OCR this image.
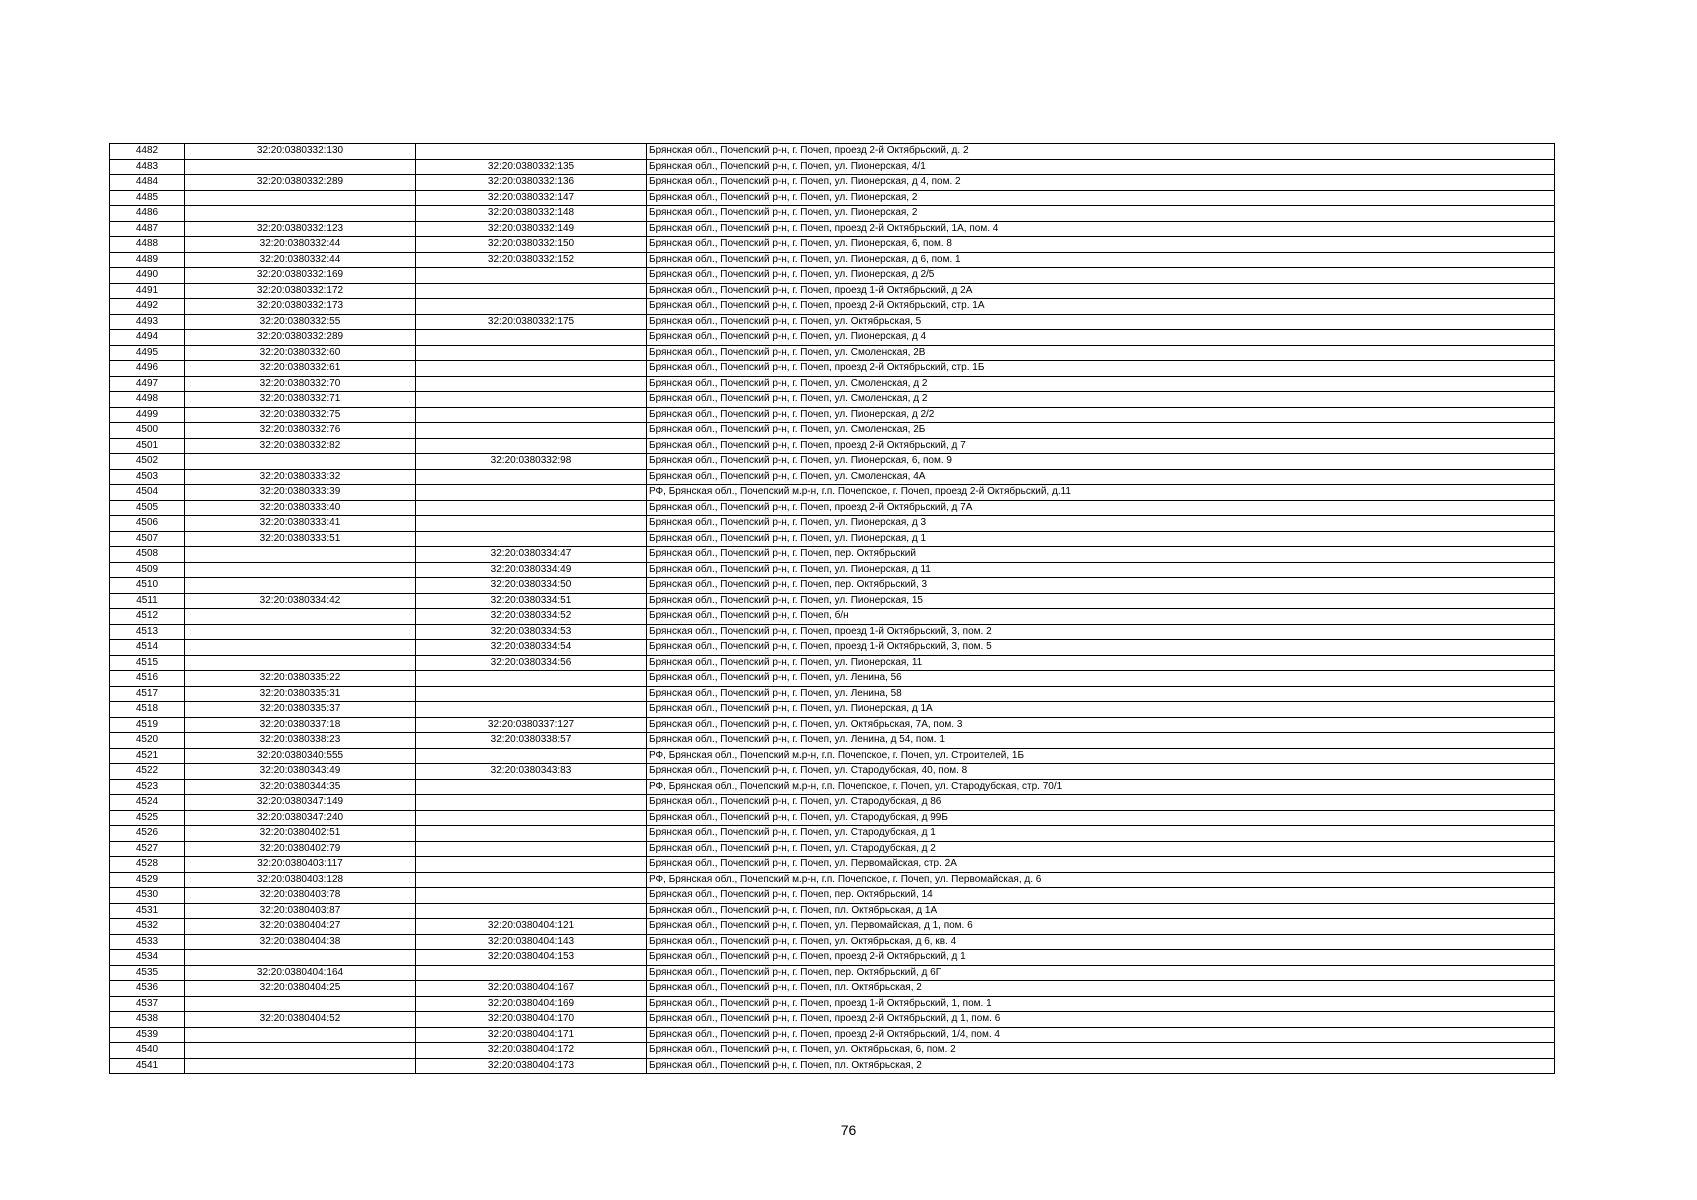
4482	32:20:0380332:130		Брянская обл., Почепский р-н, г. Почеп, проезд 2-й Октябрьский, д. 2
4483		32:20:0380332:135	Брянская обл., Почепский р-н, г. Почеп, ул. Пионерская, 4/1
4484	32:20:0380332:289	32:20:0380332:136	Брянская обл., Почепский р-н, г. Почеп, ул. Пионерская, д 4, пом. 2
4485		32:20:0380332:147	Брянская обл., Почепский р-н, г. Почеп, ул. Пионерская, 2
4486		32:20:0380332:148	Брянская обл., Почепский р-н, г. Почеп, ул. Пионерская, 2
4487	32:20:0380332:123	32:20:0380332:149	Брянская обл., Почепский р-н, г. Почеп, проезд 2-й Октябрьский, 1А, пом. 4
4488	32:20:0380332:44	32:20:0380332:150	Брянская обл., Почепский р-н, г. Почеп, ул. Пионерская, 6, пом. 8
4489	32:20:0380332:44	32:20:0380332:152	Брянская обл., Почепский р-н, г. Почеп, ул. Пионерская, д 6, пом. 1
4490	32:20:0380332:169		Брянская обл., Почепский р-н, г. Почеп, ул. Пионерская, д 2/5
4491	32:20:0380332:172		Брянская обл., Почепский р-н, г. Почеп, проезд 1-й Октябрьский, д 2А
4492	32:20:0380332:173		Брянская обл., Почепский р-н, г. Почеп, проезд 2-й Октябрьский, стр. 1А
4493	32:20:0380332:55	32:20:0380332:175	Брянская обл., Почепский р-н, г. Почеп, ул. Октябрьская, 5
4494	32:20:0380332:289		Брянская обл., Почепский р-н, г. Почеп, ул. Пионерская, д 4
4495	32:20:0380332:60		Брянская обл., Почепский р-н, г. Почеп, ул. Смоленская, 2В
4496	32:20:0380332:61		Брянская обл., Почепский р-н, г. Почеп, проезд 2-й Октябрьский, стр. 1Б
4497	32:20:0380332:70		Брянская обл., Почепский р-н, г. Почеп, ул. Смоленская, д 2
4498	32:20:0380332:71		Брянская обл., Почепский р-н, г. Почеп, ул. Смоленская, д 2
4499	32:20:0380332:75		Брянская обл., Почепский р-н, г. Почеп, ул. Пионерская, д 2/2
4500	32:20:0380332:76		Брянская обл., Почепский р-н, г. Почеп, ул. Смоленская, 2Б
4501	32:20:0380332:82		Брянская обл., Почепский р-н, г. Почеп, проезд 2-й Октябрьский, д 7
4502		32:20:0380332:98	Брянская обл., Почепский р-н, г. Почеп, ул. Пионерская, 6, пом. 9
4503	32:20:0380333:32		Брянская обл., Почепский р-н, г. Почеп, ул. Смоленская, 4А
4504	32:20:0380333:39		РФ, Брянская обл., Почепский м.р-н, г.п. Почепское, г. Почеп, проезд 2-й Октябрьский, д.11
4505	32:20:0380333:40		Брянская обл., Почепский р-н, г. Почеп, проезд 2-й Октябрьский, д 7А
4506	32:20:0380333:41		Брянская обл., Почепский р-н, г. Почеп, ул. Пионерская, д 3
4507	32:20:0380333:51		Брянская обл., Почепский р-н, г. Почеп, ул. Пионерская, д 1
4508		32:20:0380334:47	Брянская обл., Почепский р-н, г. Почеп, пер. Октябрьский
4509		32:20:0380334:49	Брянская обл., Почепский р-н, г. Почеп, ул. Пионерская, д 11
4510		32:20:0380334:50	Брянская обл., Почепский р-н, г. Почеп, пер. Октябрьский, 3
4511	32:20:0380334:42	32:20:0380334:51	Брянская обл., Почепский р-н, г. Почеп, ул. Пионерская, 15
4512		32:20:0380334:52	Брянская обл., Почепский р-н, г. Почеп, б/н
4513		32:20:0380334:53	Брянская обл., Почепский р-н, г. Почеп, проезд 1-й Октябрьский, 3, пом. 2
4514		32:20:0380334:54	Брянская обл., Почепский р-н, г. Почеп, проезд 1-й Октябрьский, 3, пом. 5
4515		32:20:0380334:56	Брянская обл., Почепский р-н, г. Почеп, ул. Пионерская, 11
4516	32:20:0380335:22		Брянская обл., Почепский р-н, г. Почеп, ул. Ленина, 56
4517	32:20:0380335:31		Брянская обл., Почепский р-н, г. Почеп, ул. Ленина, 58
4518	32:20:0380335:37		Брянская обл., Почепский р-н, г. Почеп, ул. Пионерская, д 1А
4519	32:20:0380337:18	32:20:0380337:127	Брянская обл., Почепский р-н, г. Почеп, ул. Октябрьская, 7А, пом. 3
4520	32:20:0380338:23	32:20:0380338:57	Брянская обл., Почепский р-н, г. Почеп, ул. Ленина, д 54, пом. 1
4521	32:20:0380340:555		РФ, Брянская обл., Почепский м.р-н, г.п. Почепское, г. Почеп, ул. Строителей, 1Б
4522	32:20:0380343:49	32:20:0380343:83	Брянская обл., Почепский р-н, г. Почеп, ул. Стародубская, 40, пом. 8
4523	32:20:0380344:35		РФ, Брянская обл., Почепский м.р-н, г.п. Почепское, г. Почеп, ул. Стародубская, стр. 70/1
4524	32:20:0380347:149		Брянская обл., Почепский р-н, г. Почеп, ул. Стародубская, д 86
4525	32:20:0380347:240		Брянская обл., Почепский р-н, г. Почеп, ул. Стародубская, д 99Б
4526	32:20:0380402:51		Брянская обл., Почепский р-н, г. Почеп, ул. Стародубская, д 1
4527	32:20:0380402:79		Брянская обл., Почепский р-н, г. Почеп, ул. Стародубская, д 2
4528	32:20:0380403:117		Брянская обл., Почепский р-н, г. Почеп, ул. Первомайская, стр. 2А
4529	32:20:0380403:128		РФ, Брянская обл., Почепский м.р-н, г.п. Почепское, г. Почеп, ул. Первомайская, д. 6
4530	32:20:0380403:78		Брянская обл., Почепский р-н, г. Почеп, пер. Октябрьский, 14
4531	32:20:0380403:87		Брянская обл., Почепский р-н, г. Почеп, пл. Октябрьская, д 1А
4532	32:20:0380404:27	32:20:0380404:121	Брянская обл., Почепский р-н, г. Почеп, ул. Первомайская, д 1, пом. 6
4533	32:20:0380404:38	32:20:0380404:143	Брянская обл., Почепский р-н, г. Почеп, ул. Октябрьская, д 6, кв. 4
4534		32:20:0380404:153	Брянская обл., Почепский р-н, г. Почеп, проезд 2-й Октябрьский, д 1
4535	32:20:0380404:164		Брянская обл., Почепский р-н, г. Почеп, пер. Октябрьский, д 6Г
4536	32:20:0380404:25	32:20:0380404:167	Брянская обл., Почепский р-н, г. Почеп, пл. Октябрьская, 2
4537		32:20:0380404:169	Брянская обл., Почепский р-н, г. Почеп, проезд 1-й Октябрьский, 1, пом. 1
4538	32:20:0380404:52	32:20:0380404:170	Брянская обл., Почепский р-н, г. Почеп, проезд 2-й Октябрьский, д 1, пом. 6
4539		32:20:0380404:171	Брянская обл., Почепский р-н, г. Почеп, проезд 2-й Октябрьский, 1/4, пом. 4
4540		32:20:0380404:172	Брянская обл., Почепский р-н, г. Почеп, ул. Октябрьская, 6, пом. 2
4541		32:20:0380404:173	Брянская обл., Почепский р-н, г. Почеп, пл. Октябрьская, 2
76
